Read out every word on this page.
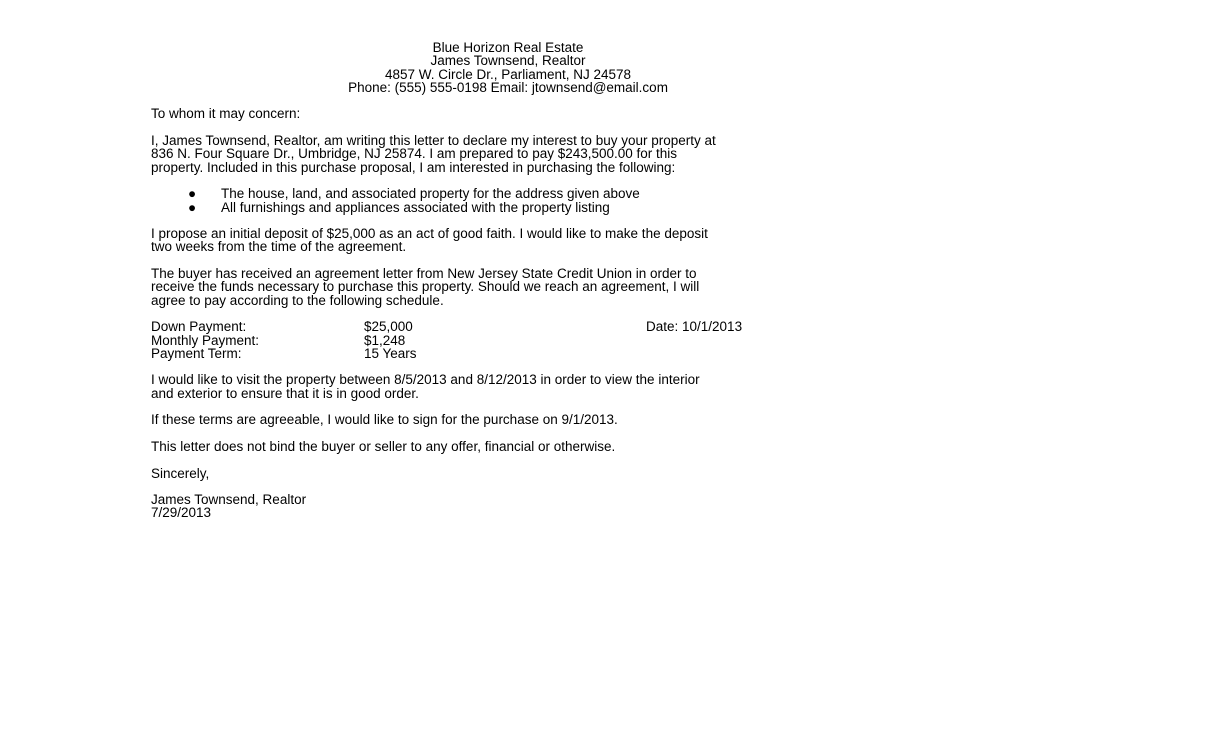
Blue Horizon Real Estate
James Townsend, Realtor
4857 W. Circle Dr., Parliament, NJ 24578
Phone: (555) 555-0198 Email: jtownsend@email.com

To whom it may concern:

I, James Townsend, Realtor, am writing this letter to declare my interest to buy your property at

836 N. Four Square Dr., Umbridge, NJ 25874. I am prepared to pay $243,500.00 for this

property. Included in this purchase proposal, I am interested in purchasing the following:

● The house, land, and associated property for the address given above
● All furnishings and appliances associated with the property listing

I propose an initial deposit of $25,000 as an act of good faith. I would like to make the deposit

two weeks from the time of the agreement.

The buyer has received an agreement letter from New Jersey State Credit Union in order to

receive the funds necessary to purchase this property. Should we reach an agreement, I will

agree to pay according to the following schedule.

Down Payment:	$25,000	Date: 10/1/2013
Monthly Payment:	$1,248
Payment Term:	15 Years

I would like to visit the property between 8/5/2013 and 8/12/2013 in order to view the interior

and exterior to ensure that it is in good order.

If these terms are agreeable, I would like to sign for the purchase on 9/1/2013.

This letter does not bind the buyer or seller to any offer, financial or otherwise.

Sincerely,

James Townsend, Realtor

7/29/2013
